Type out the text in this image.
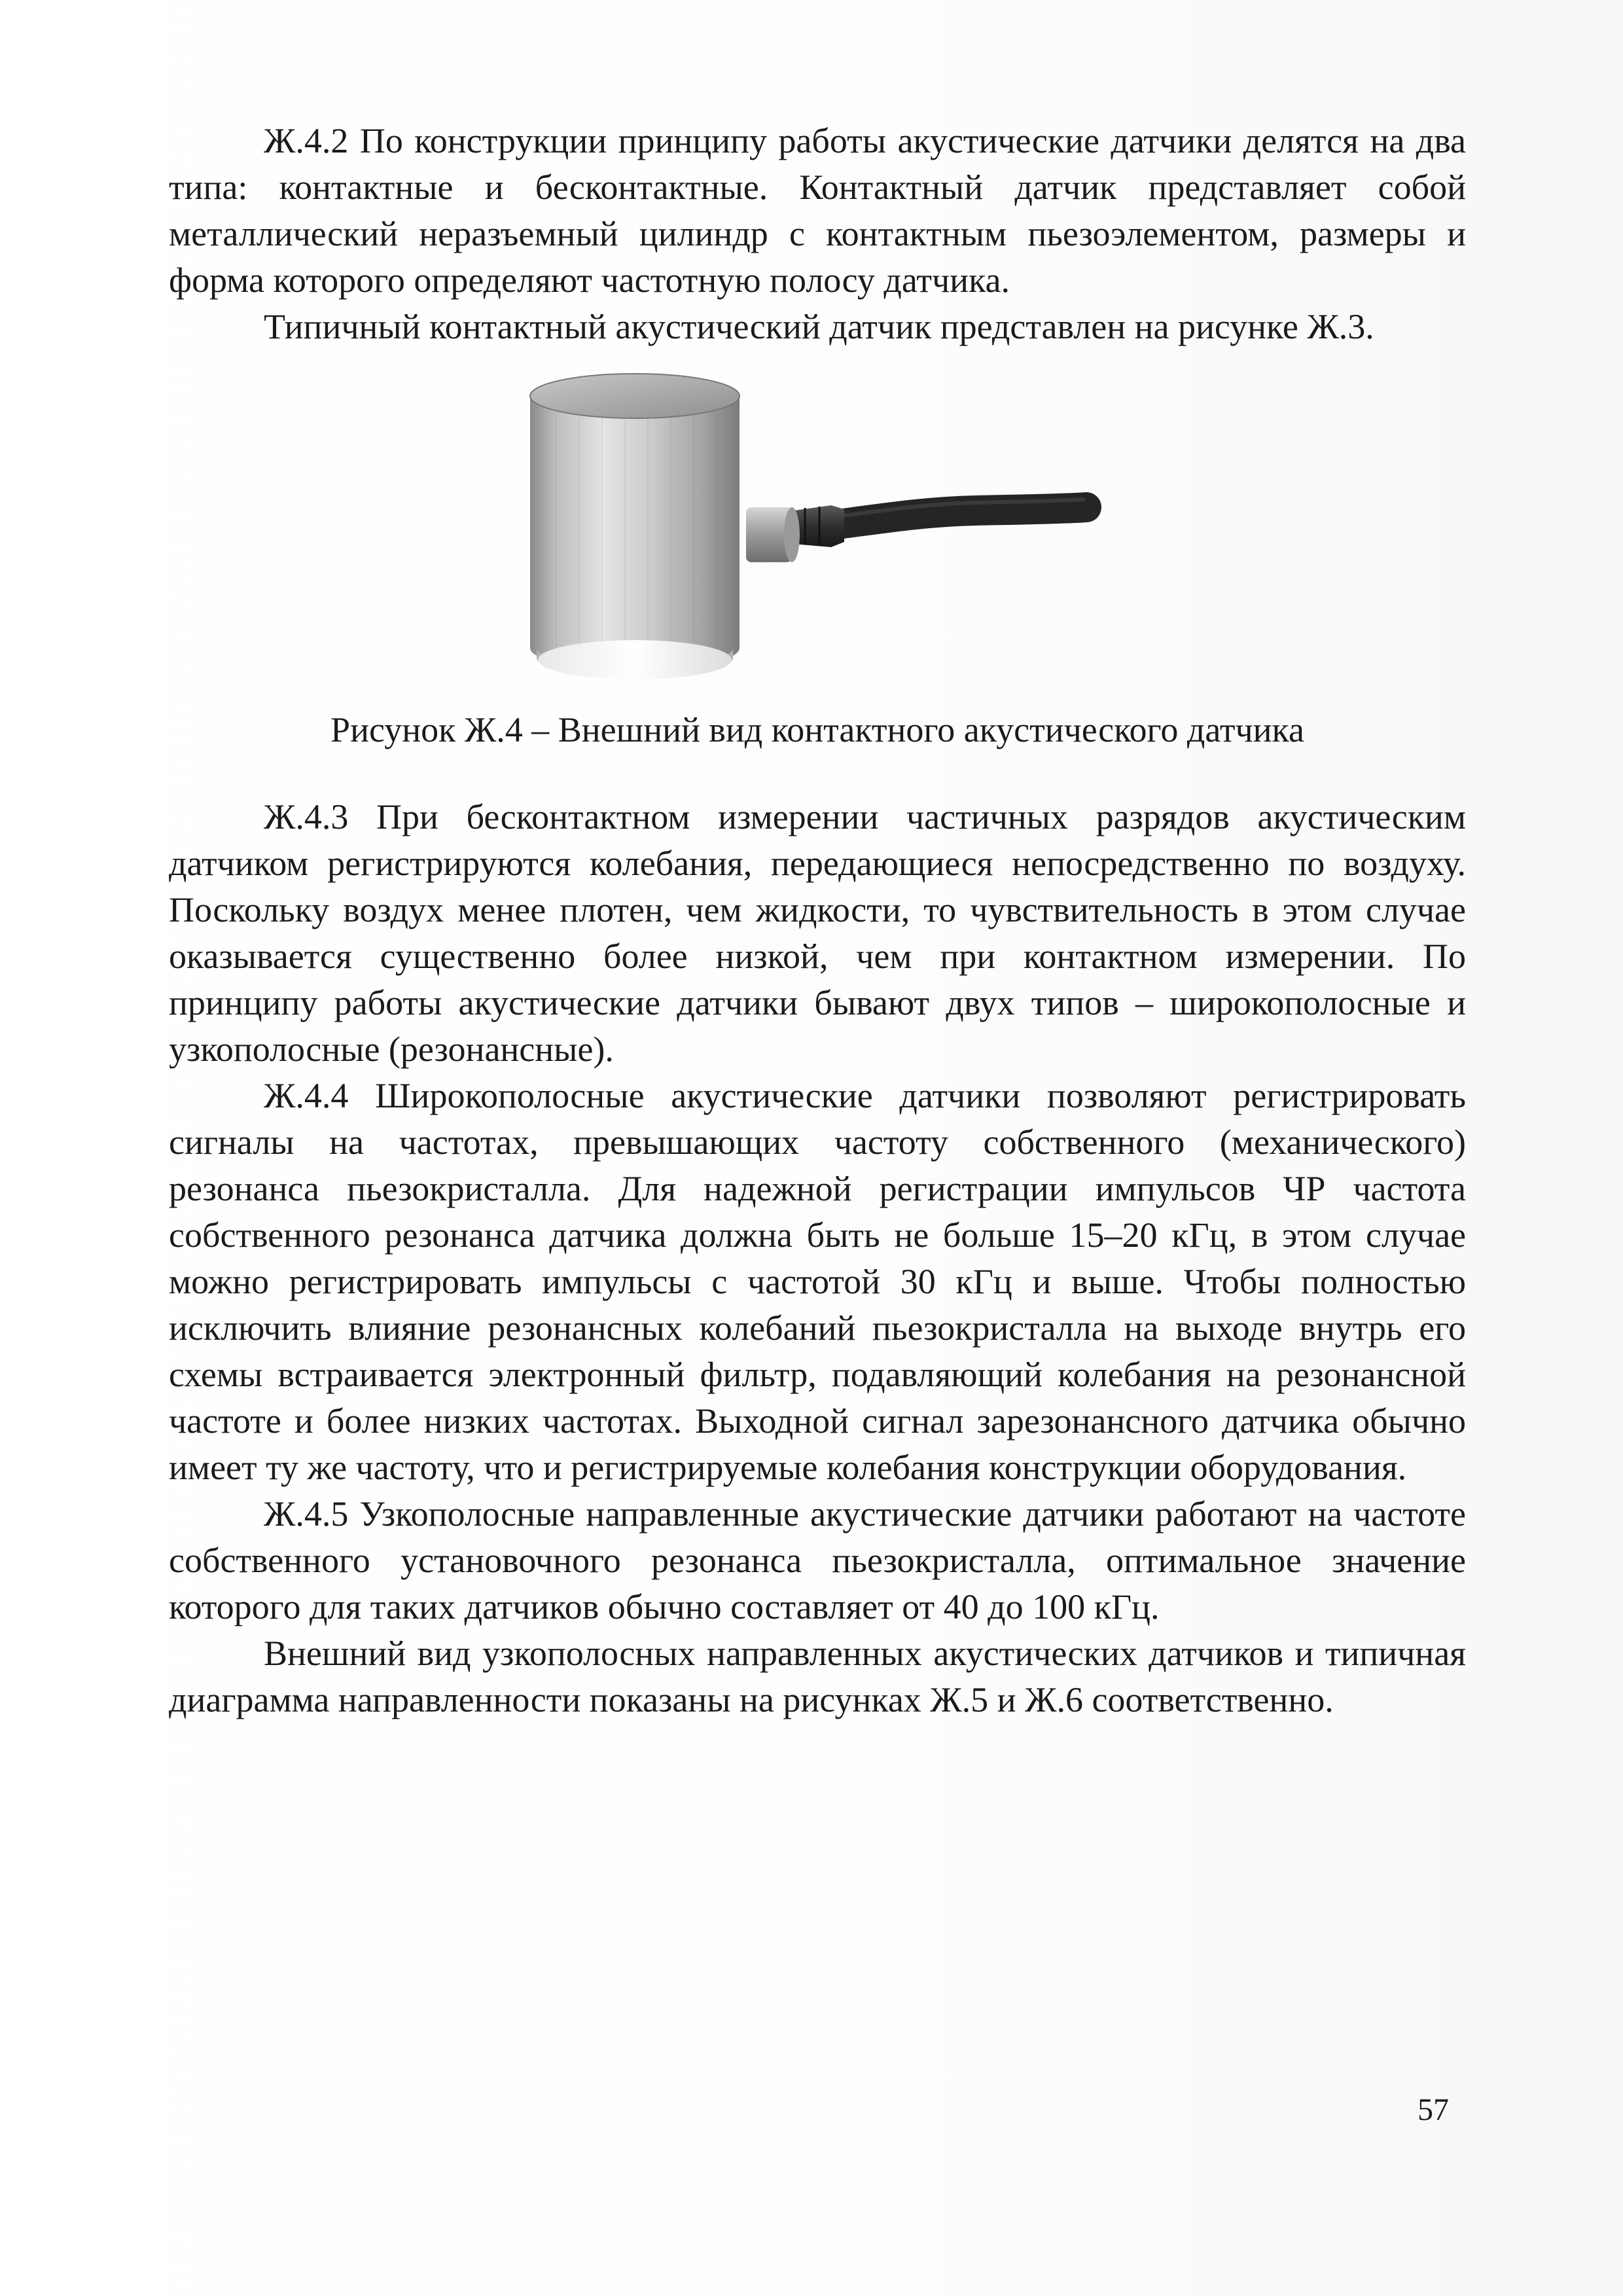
Ж.4.2 По конструкции принципу работы акустические датчики делятся на два типа: контактные и бесконтактные. Контактный датчик представляет собой металлический неразъемный цилиндр с контактным пьезоэлементом, размеры и форма которого определяют частотную полосу датчика.

Типичный контактный акустический датчик представлен на рисунке Ж.3.

Рисунок Ж.4 – Внешний вид контактного акустического датчика

Ж.4.3 При бесконтактном измерении частичных разрядов акустическим датчиком регистрируются колебания, передающиеся непосредственно по воздуху. Поскольку воздух менее плотен, чем жидкости, то чувствительность в этом случае оказывается существенно более низкой, чем при контактном измерении. По принципу работы акустические датчики бывают двух типов – широкополосные и узкополосные (резонансные).

Ж.4.4 Широкополосные акустические датчики позволяют регистрировать сигналы на частотах, превышающих частоту собственного (механического) резонанса пьезокристалла. Для надежной регистрации импульсов ЧР частота собственного резонанса датчика должна быть не больше 15–20 кГц, в этом случае можно регистрировать импульсы с частотой 30 кГц и выше. Чтобы полностью исключить влияние резонансных колебаний пьезокристалла на выходе внутрь его схемы встраивается электронный фильтр, подавляющий колебания на резонансной частоте и более низких частотах. Выходной сигнал зарезонансного датчика обычно имеет ту же частоту, что и регистрируемые колебания конструкции оборудования.

Ж.4.5 Узкополосные направленные акустические датчики работают на частоте собственного установочного резонанса пьезокристалла, оптимальное значение которого для таких датчиков обычно составляет от 40 до 100 кГц.

Внешний вид узкополосных направленных акустических датчиков и типичная диаграмма направленности показаны на рисунках Ж.5 и Ж.6 соответственно.

57
